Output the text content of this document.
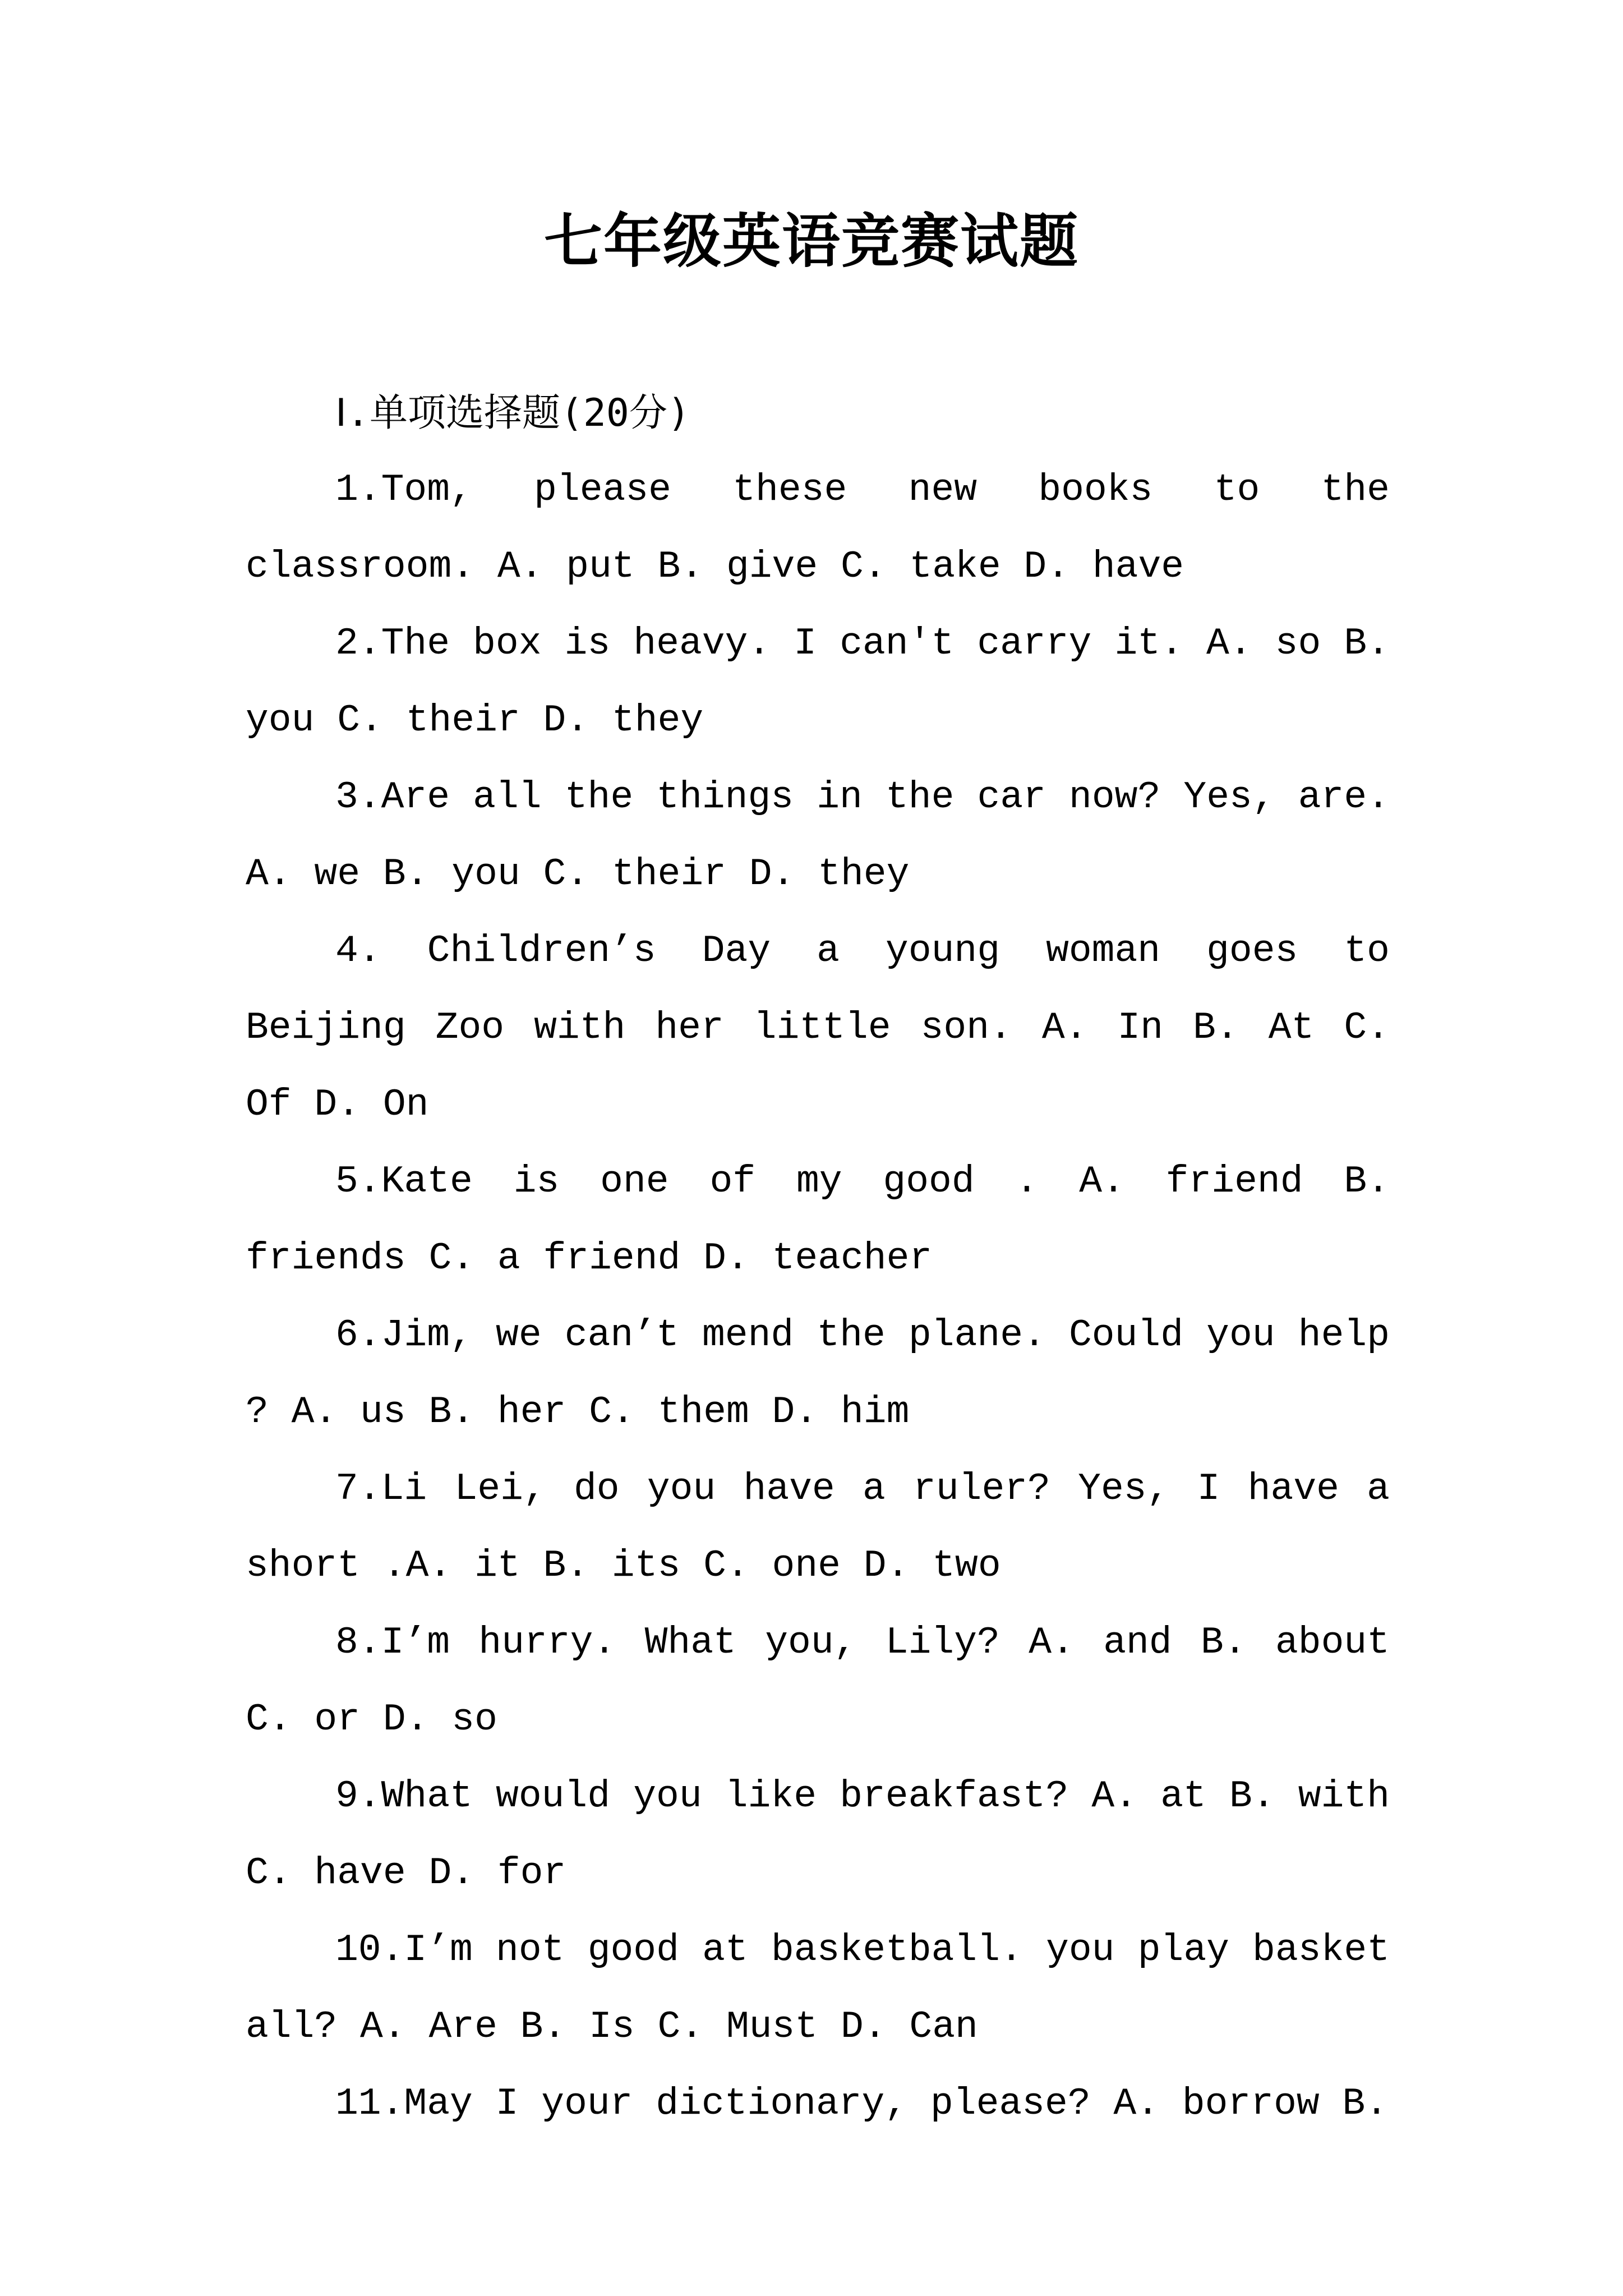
七年级英语竞赛试题
Ⅰ.单项选择题(20分)
1.Tom, please these new books to the classroom. A. put B. give C. take D. have
2.The box is heavy. I can't carry it. A. so B. you C. their D. they
3.Are all the things in the car now? Yes, are. A. we B. you C. their D. they
4. Children’s Day a young woman goes to Beijing Zoo with her little son. A. In B. At C. Of D. On
5.Kate is one of my good . A. friend B. friends C. a friend D. teacher
6.Jim, we can’t mend the plane. Could you help ? A. us B. her C. them D. him
7.Li Lei, do you have a ruler? Yes, I have a short .A. it B. its C. one D. two
8.I’m hurry. What you, Lily? A. and B. about C. or D. so
9.What would you like breakfast? A. at B. with C. have D. for
10.I’m not good at basketball. you play basket all? A. Are B. Is C. Must D. Can
11.May I your dictionary, please? A. borrow B.
